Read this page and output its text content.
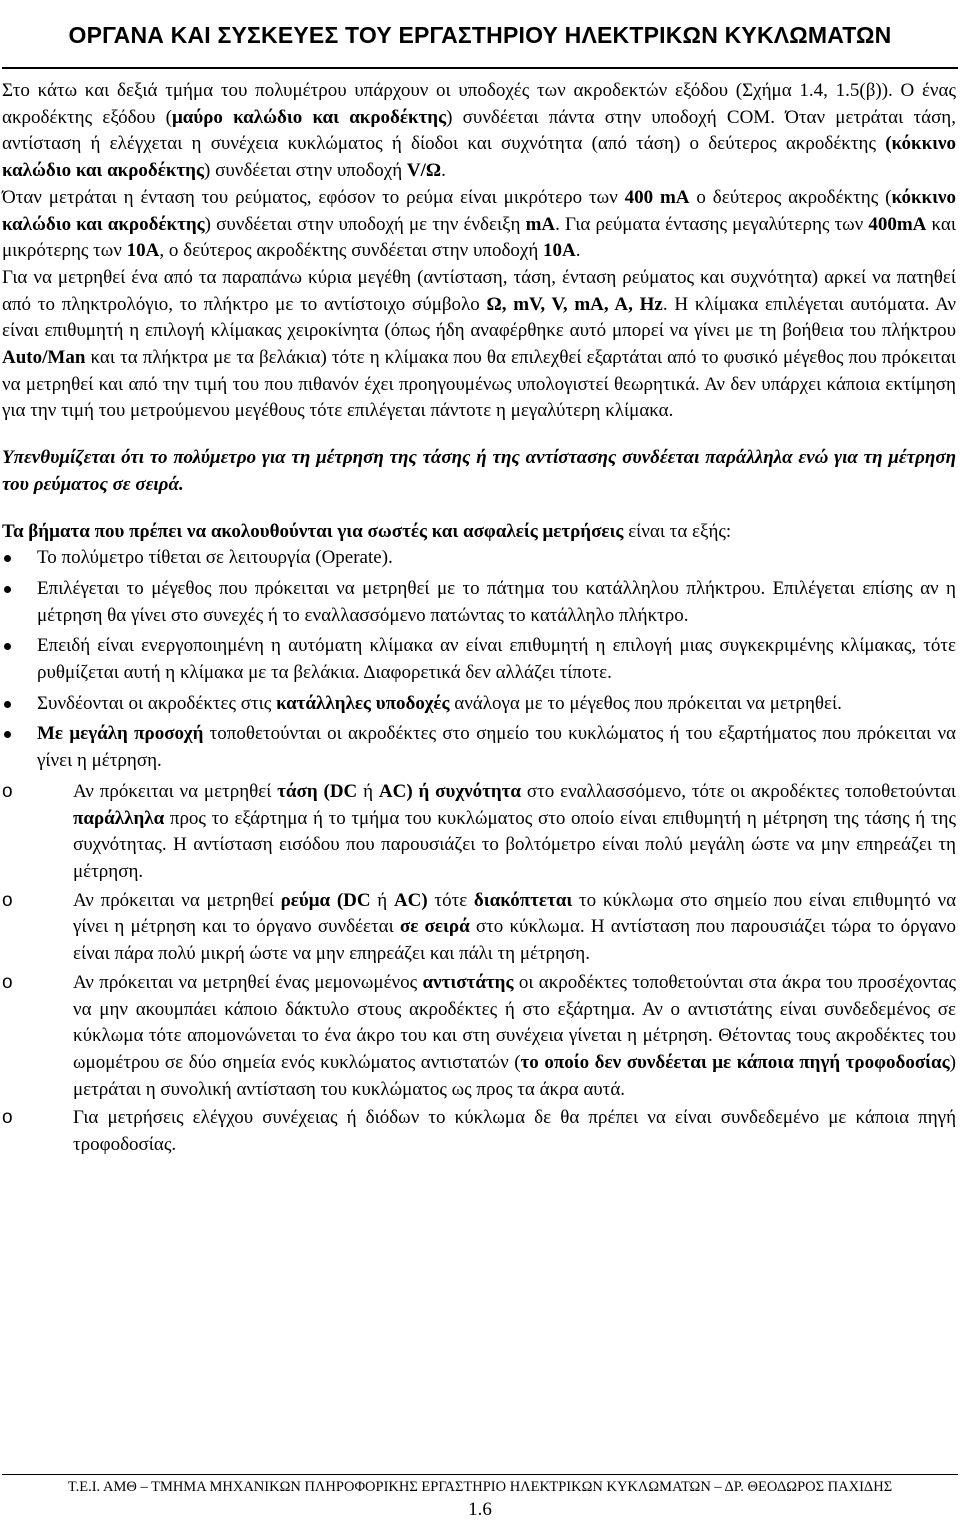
ΟΡΓΑΝΑ ΚΑΙ ΣΥΣΚΕΥΕΣ ΤΟΥ ΕΡΓΑΣΤΗΡΙΟΥ ΗΛΕΚΤΡΙΚΩΝ ΚΥΚΛΩΜΑΤΩΝ

Στο κάτω και δεξιά τμήμα του πολυμέτρου υπάρχουν οι υποδοχές των ακροδεκτών εξόδου (Σχήμα 1.4, 1.5(β)). Ο ένας ακροδέκτης εξόδου (μαύρο καλώδιο και ακροδέκτης) συνδέεται πάντα στην υποδοχή COM. Όταν μετράται τάση, αντίσταση ή ελέγχεται η συνέχεια κυκλώματος ή δίοδοι και συχνότητα (από τάση) ο δεύτερος ακροδέκτης (κόκκινο καλώδιο και ακροδέκτης) συνδέεται στην υποδοχή V/Ω.

Όταν μετράται η ένταση του ρεύματος, εφόσον το ρεύμα είναι μικρότερο των 400 mA ο δεύτερος ακροδέκτης (κόκκινο καλώδιο και ακροδέκτης) συνδέεται στην υποδοχή με την ένδειξη mA. Για ρεύματα έντασης μεγαλύτερης των 400mA και μικρότερης των 10A, ο δεύτερος ακροδέκτης συνδέεται στην υποδοχή 10A.

Για να μετρηθεί ένα από τα παραπάνω κύρια μεγέθη (αντίσταση, τάση, ένταση ρεύματος και συχνότητα) αρκεί να πατηθεί από το πληκτρολόγιο, το πλήκτρο με το αντίστοιχο σύμβολο Ω, mV, V, mA, A, Hz. Η κλίμακα επιλέγεται αυτόματα. Αν είναι επιθυμητή η επιλογή κλίμακας χειροκίνητα (όπως ήδη αναφέρθηκε αυτό μπορεί να γίνει με τη βοήθεια του πλήκτρου Auto/Man και τα πλήκτρα με τα βελάκια) τότε η κλίμακα που θα επιλεχθεί εξαρτάται από το φυσικό μέγεθος που πρόκειται να μετρηθεί και από την τιμή του που πιθανόν έχει προηγουμένως υπολογιστεί θεωρητικά. Αν δεν υπάρχει κάποια εκτίμηση για την τιμή του μετρούμενου μεγέθους τότε επιλέγεται πάντοτε η μεγαλύτερη κλίμακα.

Υπενθυμίζεται ότι το πολύμετρο για τη μέτρηση της τάσης ή της αντίστασης συνδέεται παράλληλα ενώ για τη μέτρηση του ρεύματος σε σειρά.

Τα βήματα που πρέπει να ακολουθούνται για σωστές και ασφαλείς μετρήσεις είναι τα εξής:

Το πολύμετρο τίθεται σε λειτουργία (Operate).
Επιλέγεται το μέγεθος που πρόκειται να μετρηθεί με το πάτημα του κατάλληλου πλήκτρου. Επιλέγεται επίσης αν η μέτρηση θα γίνει στο συνεχές ή το εναλλασσόμενο πατώντας το κατάλληλο πλήκτρο.
Επειδή είναι ενεργοποιημένη η αυτόματη κλίμακα αν είναι επιθυμητή η επιλογή μιας συγκεκριμένης κλίμακας, τότε ρυθμίζεται αυτή η κλίμακα με τα βελάκια. Διαφορετικά δεν αλλάζει τίποτε.
Συνδέονται οι ακροδέκτες στις κατάλληλες υποδοχές ανάλογα με το μέγεθος που πρόκειται να μετρηθεί.
Με μεγάλη προσοχή τοποθετούνται οι ακροδέκτες στο σημείο του κυκλώματος ή του εξαρτήματος που πρόκειται να γίνει η μέτρηση.
o	Αν πρόκειται να μετρηθεί τάση (DC ή AC) ή συχνότητα στο εναλλασσόμενο, τότε οι ακροδέκτες τοποθετούνται παράλληλα προς το εξάρτημα ή το τμήμα του κυκλώματος στο οποίο είναι επιθυμητή η μέτρηση της τάσης ή της συχνότητας. Η αντίσταση εισόδου που παρουσιάζει το βολτόμετρο είναι πολύ μεγάλη ώστε να μην επηρεάζει τη μέτρηση.
o	Αν πρόκειται να μετρηθεί ρεύμα (DC ή AC) τότε διακόπτεται το κύκλωμα στο σημείο που είναι επιθυμητό να γίνει η μέτρηση και το όργανο συνδέεται σε σειρά στο κύκλωμα. Η αντίσταση που παρουσιάζει τώρα το όργανο είναι πάρα πολύ μικρή ώστε να μην επηρεάζει και πάλι τη μέτρηση.
o	Αν πρόκειται να μετρηθεί ένας μεμονωμένος αντιστάτης οι ακροδέκτες τοποθετούνται στα άκρα του προσέχοντας να μην ακουμπάει κάποιο δάκτυλο στους ακροδέκτες ή στο εξάρτημα. Αν ο αντιστάτης είναι συνδεδεμένος σε κύκλωμα τότε απομονώνεται το ένα άκρο του και στη συνέχεια γίνεται η μέτρηση. Θέτοντας τους ακροδέκτες του ωμομέτρου σε δύο σημεία ενός κυκλώματος αντιστατών (το οποίο δεν συνδέεται με κάποια πηγή τροφοδοσίας) μετράται η συνολική αντίσταση του κυκλώματος ως προς τα άκρα αυτά.
o	Για μετρήσεις ελέγχου συνέχειας ή διόδων το κύκλωμα δε θα πρέπει να είναι συνδεδεμένο με κάποια πηγή τροφοδοσίας.
Τ.Ε.Ι. ΑΜΘ – ΤΜΗΜΑ ΜΗΧΑΝΙΚΩΝ ΠΛΗΡΟΦΟΡΙΚΗΣ ΕΡΓΑΣΤΗΡΙΟ ΗΛΕΚΤΡΙΚΩΝ ΚΥΚΛΩΜΑΤΩΝ – ΔΡ. ΘΕΟΔΩΡΟΣ ΠΑΧΙΔΗΣ
1.6
